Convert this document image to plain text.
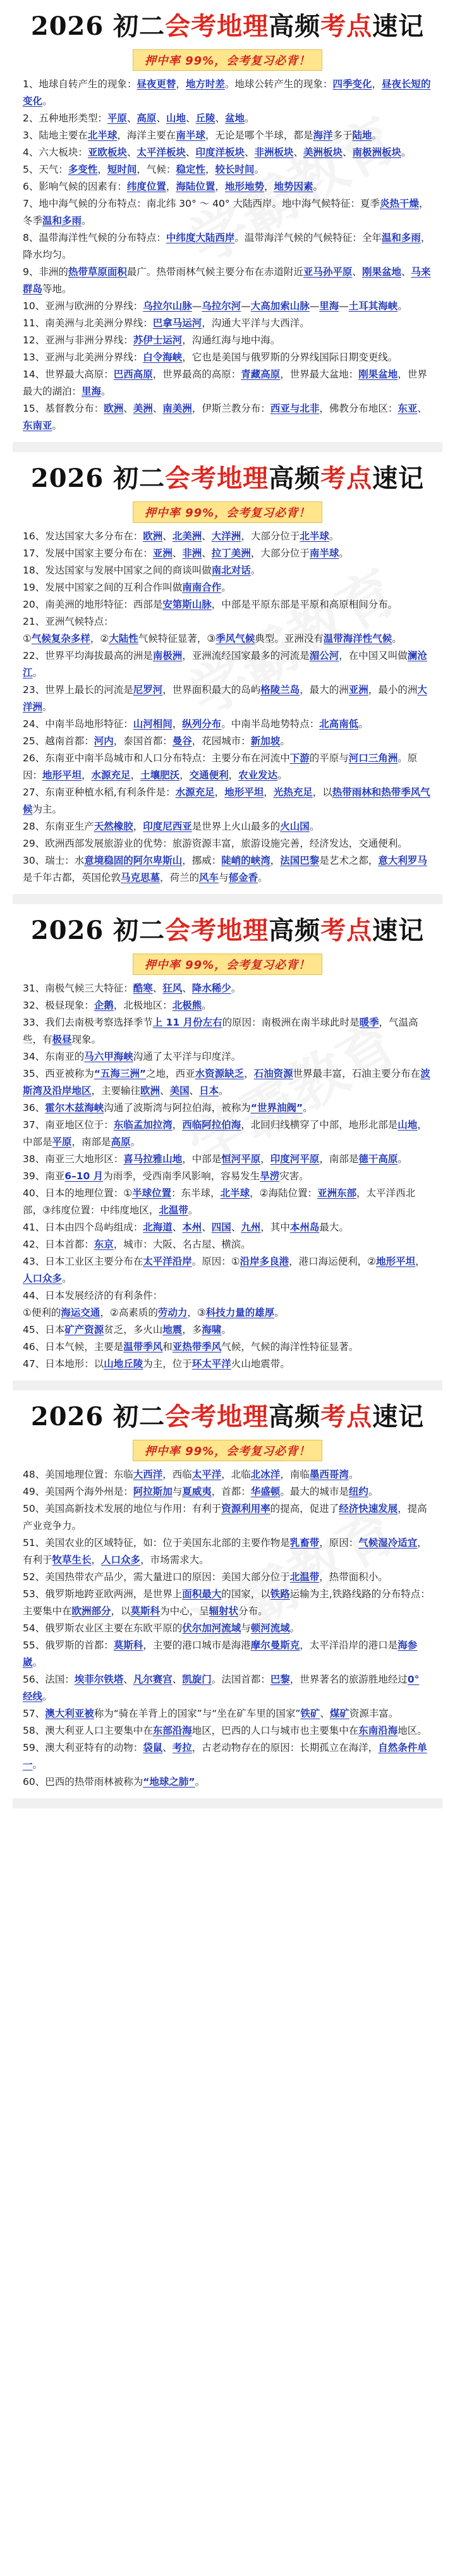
2026 初二会考地理高频考点速记
押中率 99%，会考复习必背！

1、地球自转产生的现象：昼夜更替，地方时差。地球公转产生的现象：四季变化，昼夜长短的变化。

2、五种地形类型：平原、高原、山地、丘陵、盆地。

3、陆地主要在北半球，海洋主要在南半球，无论是哪个半球，都是海洋多于陆地。

4、六大板块：亚欧板块、太平洋板块、印度洋板块、非洲板块、美洲板块、南极洲板块。

5、天气：多变性，短时间，气候：稳定性，较长时间。

6、影响气候的因素有：纬度位置，海陆位置，地形地势，地势因素。

7、地中海气候的分布特点：南北纬 30° ～ 40° 大陆西岸。地中海气候特征：夏季炎热干燥，冬季温和多雨。

8、温带海洋性气候的分布特点：中纬度大陆西岸。温带海洋气候的气候特征：全年温和多雨，降水均匀。

9、非洲的热带草原面积最广。热带雨林气候主要分布在赤道附近亚马孙平原、刚果盆地、马来群岛等地。

10、亚洲与欧洲的分界线：乌拉尔山脉—乌拉尔河—大高加索山脉—里海—土耳其海峡。

11、南美洲与北美洲分界线：巴拿马运河，沟通大平洋与大西洋。

12、亚洲与非洲分界线：苏伊士运河，沟通红海与地中海。

13、亚洲与北美洲分界线：白令海峡，它也是美国与俄罗斯的分界线国际日期变更线。

14、世界最大高原：巴西高原，世界最高的高原：青藏高原，世界最大盆地：刚果盆地，世界最大的湖泊：里海。

15、基督教分布：欧洲、美洲、南美洲，伊斯兰教分布：西亚与北非，佛教分布地区：东亚、东南亚。

2026 初二会考地理高频考点速记
押中率 99%，会考复习必背！

16、发达国家大多分布在：欧洲、北美洲、大洋洲，大部分位于北半球。

17、发展中国家主要分布在：亚洲、非洲、拉丁美洲，大部分位于南半球。

18、发达国家与发展中国家之间的商谈叫做南北对话。

19、发展中国家之间的互利合作叫做南南合作。

20、南美洲的地形特征：西部是安第斯山脉，中部是平原东部是平原和高原相间分布。

21、亚洲气候特点：

①气候复杂多样，②大陆性气候特征显著，③季风气候典型。亚洲没有温带海洋性气候。

22、世界平均海拔最高的洲是南极洲，亚洲流经国家最多的河流是湄公河，在中国又叫做澜沧江。

23、世界上最长的河流是尼罗河，世界面积最大的岛屿格陵兰岛，最大的洲亚洲，最小的洲大洋洲。

24、中南半岛地形特征：山河相间，纵列分布。中南半岛地势特点：北高南低。

25、越南首都：河内，泰国首都：曼谷，花园城市：新加坡。

26、东南亚中南半岛城市和人口分布特点：主要分布在河流中下游的平原与河口三角洲。原因：地形平坦，水源充足，土壤肥沃，交通便利，农业发达。

27、东南亚种植水稻,有利条件是：水源充足，地形平坦，光热充足，以热带雨林和热带季风气候为主。

28、东南亚生产天然橡胶，印度尼西亚是世界上火山最多的火山国。

29、欧洲西部发展旅游业的优势：旅游资源丰富，旅游设施完善，经济发达，交通便利。

30、瑞士：水意境稳固的阿尔卑斯山，挪威：陡峭的峡湾，法国巴黎是艺术之都，意大利罗马是千年古都，英国伦敦马克思墓，荷兰的风车与郁金香。

2026 初二会考地理高频考点速记
押中率 99%，会考复习必背！

31、南极气候三大特征：酷寒、狂风、降水稀少。

32、极昼现象：企鹅，北极地区：北极熊。

33、我们去南极考察选择季节上 11 月份左右的原因：南极洲在南半球此时是暖季，气温高些，有极昼现象。

34、东南亚的马六甲海峡沟通了太平洋与印度洋。

35、西亚被称为“五海三洲”之地，西亚水资源缺乏，石油资源世界最丰富，石油主要分布在波斯湾及沿岸地区，主要输往欧洲、美国、日本。

36、霍尔木兹海峡沟通了波斯湾与阿拉伯海，被称为“世界油阀”。

37、南亚地区位于：东临孟加拉湾，西临阿拉伯海，北回归线横穿了中部，地形北部是山地，中部是平原，南部是高原。

38、南亚三大地形区：喜马拉雅山地，中部是恒河平原，印度河平原，南部是德干高原。

39、南亚6–10 月为雨季，受西南季风影响，容易发生旱涝灾害。

40、日本的地理位置：①半球位置：东半球，北半球，②海陆位置：亚洲东部，太平洋西北部，③纬度位置：中纬度地区，北温带。

41、日本由四个岛屿组成：北海道、本州、四国、九州，其中本州岛最大。

42、日本首都：东京，城市：大阪、名古屋、横滨。

43、日本工业区主要分布在太平洋沿岸。原因：①沿岸多良港，港口海运便利，②地形平坦，人口众多。

44、日本发展经济的有利条件：

①便利的海运交通，②高素质的劳动力，③科技力量的雄厚。

45、日本矿产资源贫乏，多火山地震，多海啸。

46、日本气候，主要是温带季风和亚热带季风气候，气候的海洋性特征显著。

47、日本地形：以山地丘陵为主，位于环太平洋火山地震带。

2026 初二会考地理高频考点速记
押中率 99%，会考复习必背！

48、美国地理位置：东临大西洋，西临太平洋，北临北冰洋，南临墨西哥湾。

49、美国两个海外州是：阿拉斯加与夏威夷，首都：华盛顿。最大的城市是纽约。

50、美国高新技术发展的地位与作用：有利于资源利用率的提高，促进了经济快速发展，提高产业竞争力。

51、美国农业的区域特征，如：位于美国东北部的主要作物是乳畜带，原因：气候湿冷适宜，有利于牧草生长，人口众多，市场需求大。

52、美国热带农产品少，需大量进口的原因：美国大部分位于北温带，热带面积小。

53、俄罗斯地跨亚欧两洲，是世界上面积最大的国家，以铁路运输为主,铁路线路的分布特点：主要集中在欧洲部分，以莫斯科为中心，呈辐射状分布。

54、俄罗斯农业区主要在东欧平原的伏尔加河流域与顿河流域。

55、俄罗斯的首都：莫斯科，主要的港口城市是海港摩尔曼斯克，太平洋沿岸的港口是海参崴。

56、法国：埃菲尔铁塔、凡尔赛宫、凯旋门。法国首都：巴黎，世界著名的旅游胜地经过0° 经线。

57、澳大利亚被称为“骑在羊背上的国家”与“坐在矿车里的国家”铁矿、煤矿资源丰富。

58、澳大利亚人口主要集中在东部沿海地区，巴西的人口与城市也主要集中在东南沿海地区。

59、澳大利亚特有的动物：袋鼠、考拉，古老动物存在的原因：长期孤立在海洋，自然条件单一。

60、巴西的热带雨林被称为“地球之肺”。
